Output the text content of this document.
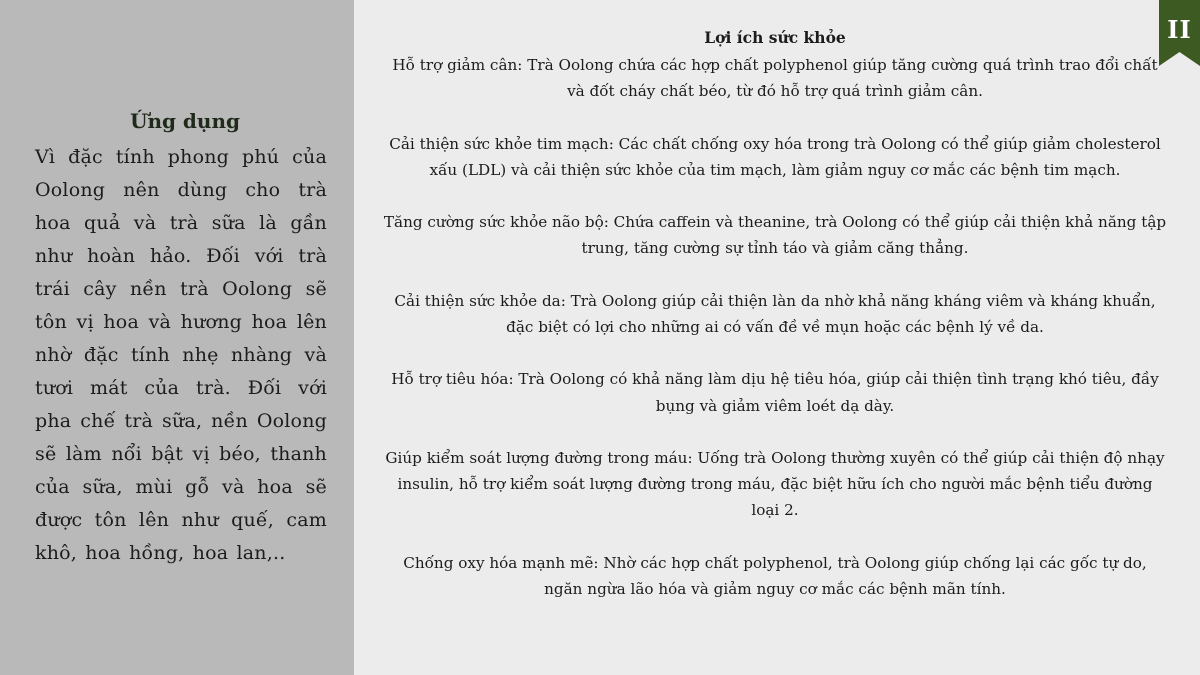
Ứng dụng
Vì đặc tính phong phú của Oolong nên dùng cho trà hoa quả và trà sữa là gần như hoàn hảo. Đối với trà trái cây nền trà Oolong sẽ tôn vị hoa và hương hoa lên nhờ đặc tính nhẹ nhàng và tươi mát của trà. Đối với pha chế trà sữa, nền Oolong sẽ làm nổi bật vị béo, thanh của sữa, mùi gỗ và hoa sẽ được tôn lên như quế, cam khô, hoa hồng, hoa lan,..
Lợi ích sức khỏe
Hỗ trợ giảm cân: Trà Oolong chứa các hợp chất polyphenol giúp tăng cường quá trình trao đổi chất và đốt cháy chất béo, từ đó hỗ trợ quá trình giảm cân.
Cải thiện sức khỏe tim mạch: Các chất chống oxy hóa trong trà Oolong có thể giúp giảm cholesterol xấu (LDL) và cải thiện sức khỏe của tim mạch, làm giảm nguy cơ mắc các bệnh tim mạch.
Tăng cường sức khỏe não bộ: Chứa caffein và theanine, trà Oolong có thể giúp cải thiện khả năng tập trung, tăng cường sự tỉnh táo và giảm căng thẳng.
Cải thiện sức khỏe da: Trà Oolong giúp cải thiện làn da nhờ khả năng kháng viêm và kháng khuẩn, đặc biệt có lợi cho những ai có vấn đề về mụn hoặc các bệnh lý về da.
Hỗ trợ tiêu hóa: Trà Oolong có khả năng làm dịu hệ tiêu hóa, giúp cải thiện tình trạng khó tiêu, đầy bụng và giảm viêm loét dạ dày.
Giúp kiểm soát lượng đường trong máu: Uống trà Oolong thường xuyên có thể giúp cải thiện độ nhạy insulin, hỗ trợ kiểm soát lượng đường trong máu, đặc biệt hữu ích cho người mắc bệnh tiểu đường loại 2.
Chống oxy hóa mạnh mẽ: Nhờ các hợp chất polyphenol, trà Oolong giúp chống lại các gốc tự do, ngăn ngừa lão hóa và giảm nguy cơ mắc các bệnh mãn tính.
II
